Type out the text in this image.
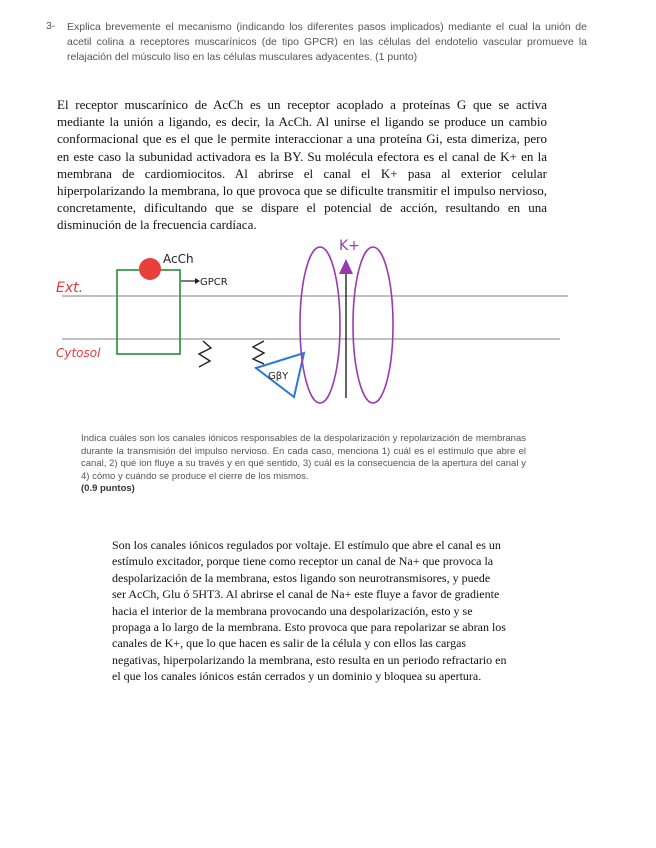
3- Explica brevemente el mecanismo (indicando los diferentes pasos implicados) mediante el cual la unión de acetil colina a receptores muscarínicos (de tipo GPCR) en las células del endotelio vascular promueve la relajación del músculo liso en las células musculares adyacentes. (1 punto)
El receptor muscarínico de AcCh es un receptor acoplado a proteínas G que se activa mediante la unión a ligando, es decir, la AcCh. Al unirse el ligando se produce un cambio conformacional que es el que le permite interaccionar a una proteína Gi, esta dimeriza, pero en este caso la subunidad activadora es la BY. Su molécula efectora es el canal de K+ en la membrana de cardiomiocitos. Al abrirse el canal el K+ pasa al exterior celular hiperpolarizando la membrana, lo que provoca que se dificulte transmitir el impulso nervioso, concretamente, dificultando que se dispare el potencial de acción, resultando en una disminución de la frecuencia cardíaca.
Ext.
Cytosol
AcCh
GPCR
GβY
K+
Indica cuáles son los canales iónicos responsables de la despolarización y repolarización de membranas durante la transmisión del impulso nervioso. En cada caso, menciona 1) cuál es el estímulo que abre el canal, 2) qué ion fluye a su través y en qué sentido, 3) cuál es la consecuencia de la apertura del canal y 4) cómo y cuándo se produce el cierre de los mismos.
(0.9 puntos)
Son los canales iónicos regulados por voltaje. El estímulo que abre el canal es un estímulo excitador, porque tiene como receptor un canal de Na+ que provoca la despolarización de la membrana, estos ligando son neurotransmisores, y puede ser AcCh, Glu ó 5HT3. Al abrirse el canal de Na+ este fluye a favor de gradiente hacia el interior de la membrana provocando una despolarización, esto y se propaga a lo largo de la membrana. Esto provoca que para repolarizar se abran los canales de K+, que lo que hacen es salir de la célula y con ellos las cargas negativas, hiperpolarizando la membrana, esto resulta en un periodo refractario en el que los canales iónicos están cerrados y un dominio y bloquea su apertura.
